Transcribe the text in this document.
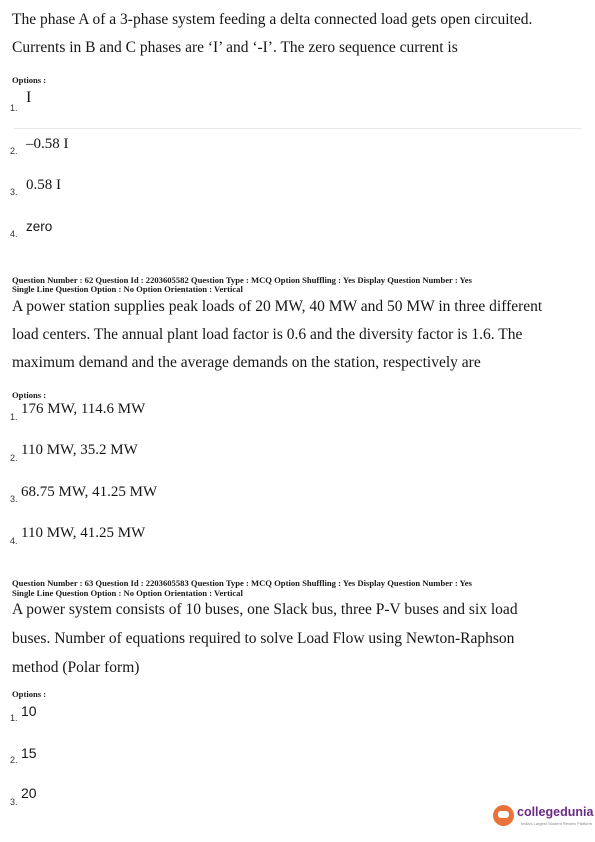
The phase A of a 3-phase system feeding a delta connected load gets open circuited.
Currents in B and C phases are ‘I’ and ‘-I’. The zero sequence current is
Options :
1.
I
2. –0.58 I
3. 0.58 I
4. zero
Question Number : 62 Question Id : 2203605582 Question Type : MCQ Option Shuffling : Yes Display Question Number : Yes
Single Line Question Option : No Option Orientation : Vertical
A power station supplies peak loads of 20 MW, 40 MW and 50 MW in three different
load centers. The annual plant load factor is 0.6 and the diversity factor is 1.6. The
maximum demand and the average demands on the station, respectively are
Options :
1. 176 MW, 114.6 MW
2. 110 MW, 35.2 MW
3. 68.75 MW, 41.25 MW
4. 110 MW, 41.25 MW
Question Number : 63 Question Id : 2203605583 Question Type : MCQ Option Shuffling : Yes Display Question Number : Yes
Single Line Question Option : No Option Orientation : Vertical
A power system consists of 10 buses, one Slack bus, three P-V buses and six load
buses. Number of equations required to solve Load Flow using Newton-Raphson
method (Polar form)
Options :
1. 10
2. 15
3.
20
collegedunia
India's Largest Student Review Platform
